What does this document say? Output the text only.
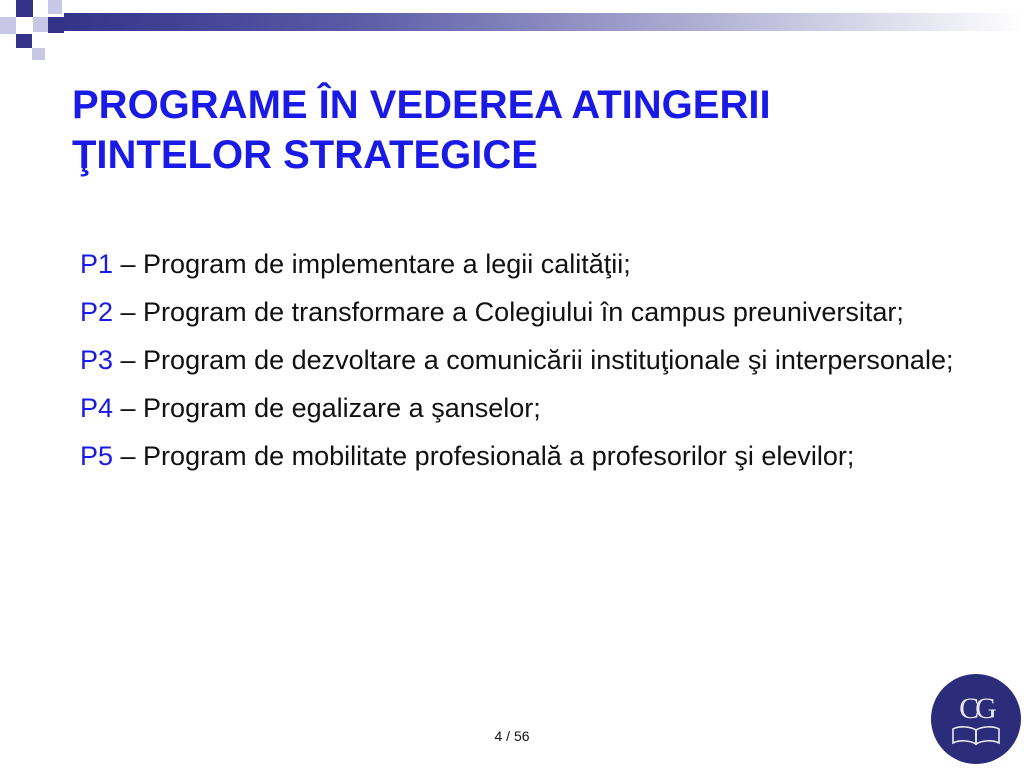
PROGRAME ÎN VEDEREA ATINGERII
ŢINTELOR STRATEGICE
P1 – Program de implementare a legii calităţii;
P2 – Program de transformare a Colegiului în campus preuniversitar;
P3 – Program de dezvoltare a comunicării instituţionale şi interpersonale;
P4 – Program de egalizare a şanselor;
P5 – Program de mobilitate profesională a profesorilor şi elevilor;
4 / 56
CG
